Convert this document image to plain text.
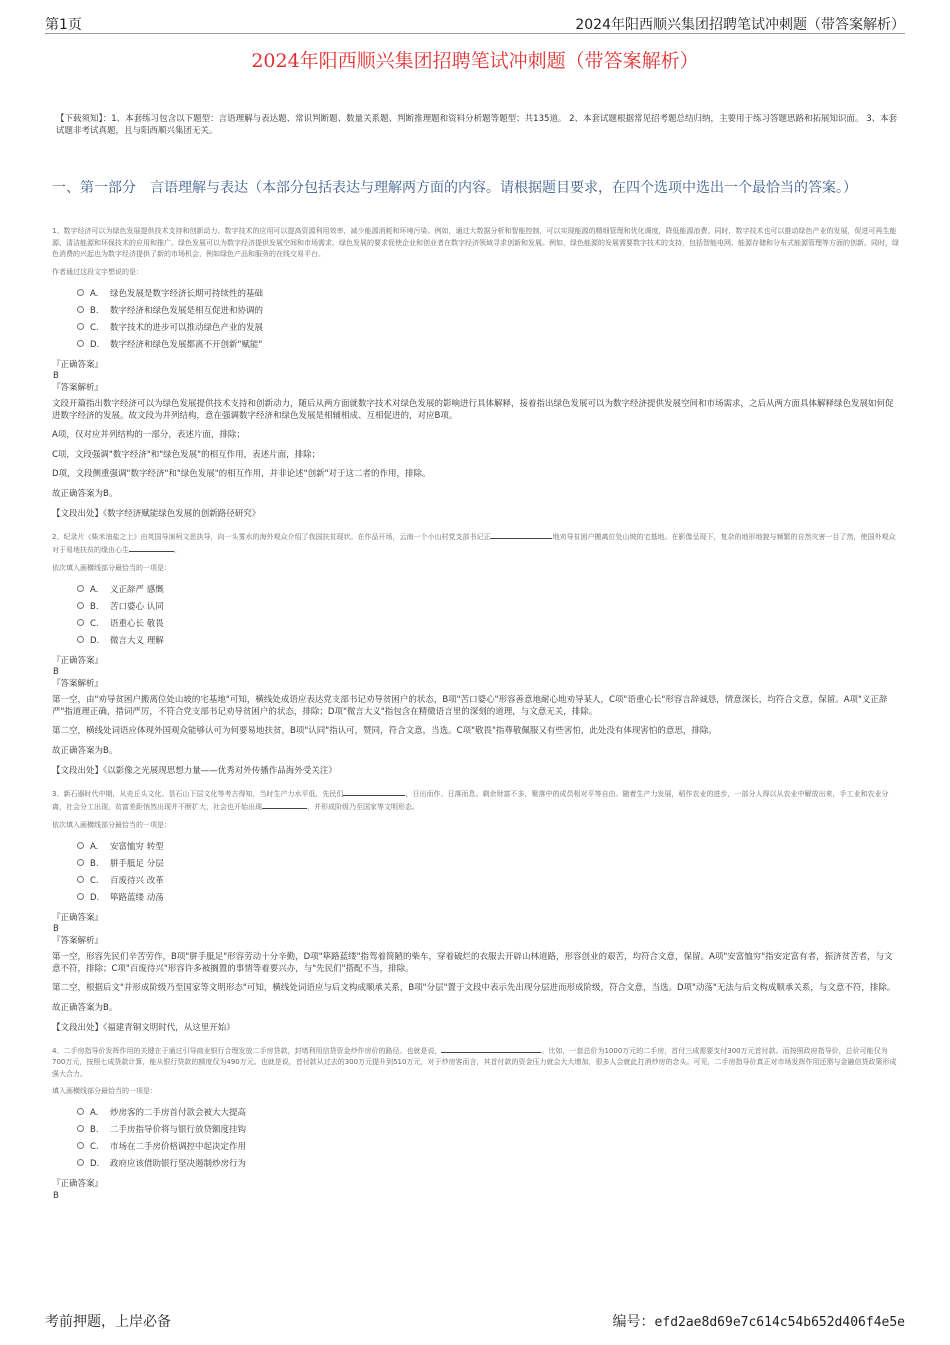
第1页	2024年阳西顺兴集团招聘笔试冲刺题（带答案解析）
2024年阳西顺兴集团招聘笔试冲刺题（带答案解析）
【下载须知】：1、本套练习包含以下题型：言语理解与表达题、常识判断题、数量关系题、判断推理题和资料分析题等题型；共135道。 2、本套试题根据常见招考题总结归纳，主要用于练习答题思路和拓展知识面。 3、本套试题非考试真题，且与阳西顺兴集团无关。
一、第一部分　言语理解与表达（本部分包括表达与理解两方面的内容。请根据题目要求，在四个选项中选出一个最恰当的答案。）
1、数字经济可以为绿色发展提供技术支持和创新动力。数字技术的应用可以提高资源利用效率，减少能源消耗和环境污染。例如，通过大数据分析和智能控制，可以实现能源的精细管理和优化调度，降低能源浪费。同时，数字技术也可以推动绿色产业的发展，促进可再生能源、清洁能源和环保技术的应用和推广。绿色发展可以为数字经济提供发展空间和市场需求。绿色发展的要求促使企业和创业者在数字经济领域寻求创新和发展。例如，绿色能源的发展需要数字技术的支持，包括智能电网、能源存储和分布式能源管理等方面的创新。同时，绿色消费的兴起也为数字经济提供了新的市场机会，例如绿色产品和服务的在线交易平台。
作者通过这段文字想说的是：
A. 绿色发展是数字经济长期可持续性的基础
B. 数字经济和绿色发展是相互促进和协调的
C. 数字技术的进步可以推动绿色产业的发展
D. 数字经济和绿色发展都离不开创新"赋能"
『正确答案』
B
『答案解析』
文段开篇指出数字经济可以为绿色发展提供技术支持和创新动力，随后从两方面就数字技术对绿色发展的影响进行具体解释，接着指出绿色发展可以为数字经济提供发展空间和市场需求，之后从两方面具体解释绿色发展如何促进数字经济的发展。故文段为并列结构，意在强调数字经济和绿色发展是相辅相成、互相促进的，对应B项。
A项，仅对应并列结构的一部分，表述片面，排除；
C项，文段强调"数字经济"和"绿色发展"的相互作用，表述片面，排除；
D项，文段侧重强调"数字经济"和"绿色发展"的相互作用，并非论述"创新"对于这二者的作用，排除。
故正确答案为B。
【文段出处】《数字经济赋能绿色发展的创新路径研究》
2、纪录片《柴米油盐之上》由英国导演柯文思执导，向一头雾水的海外观众介绍了我国扶贫现状。在作品开场，云南一个小山村党支部书记正	地劝导贫困户搬离位处山坡的宅基地。在影像呈现下，复杂的地形地貌与频繁的自然灾害一目了然，使国外观众对于易地扶贫的缘由心生	。
依次填入画横线部分最恰当的一项是：
A. 义正辞严 感慨
B. 苦口婆心 认同
C. 语重心长 敬畏
D. 微言大义 理解
『正确答案』
B
『答案解析』
第一空，由"劝导贫困户搬离位处山坡的宅基地"可知，横线处成语应表达党支部书记劝导贫困户的状态，B项"苦口婆心"形容善意地耐心地劝导某人，C项"语重心长"形容言辞诚恳，情意深长，均符合文意，保留。A项"义正辞严"指道理正确，措词严厉，不符合党支部书记劝导贫困户的状态，排除；D项"微言大义"指包含在精微语言里的深刻的道理，与文意无关，排除。
第二空，横线处词语应体现外国观众能够认可为何要易地扶贫，B项"认同"指认可，赞同，符合文意，当选。C项"敬畏"指尊敬佩服又有些害怕，此处没有体现害怕的意思，排除。
故正确答案为B。
【文段出处】《以影像之光展现思想力量——优秀对外传播作品海外受关注》
3、新石器时代中期，从壳丘头文化、昙石山下层文化等考古得知，当时生产力水平低，先民们	，日出而作、日落而息。剩余财富不多，聚落中的成员相对平等自由。随着生产力发展，稻作农业的进步，一部分人得以从农业中解放出来，手工业和农业分离，社会分工出现，贫富差距悄然出现并不断扩大，社会也开始出现	，并形成阶级乃至国家等文明形态。
依次填入画横线部分最恰当的一项是：
A. 安富恤穷 转型
B. 胼手胝足 分层
C. 百废待兴 改革
D. 筚路蓝缕 动荡
『正确答案』
B
『答案解析』
第一空，形容先民们辛苦劳作，B项"胼手胝足"形容劳动十分辛勤，D项"筚路蓝缕"指驾着简陋的柴车，穿着破烂的衣服去开辟山林道路，形容创业的艰苦，均符合文意，保留。A项"安富恤穷"指安定富有者，振济贫苦者，与文意不符，排除；C项"百废待兴"形容许多被搁置的事情等着要兴办，与"先民们"搭配不当，排除。
第二空，根据后文"并形成阶级乃至国家等文明形态"可知，横线处词语应与后文构成顺承关系，B项"分层"置于文段中表示先出现分层进而形成阶级，符合文意，当选。D项"动荡"无法与后文构成顺承关系，与文意不符，排除。
故正确答案为B。
【文段出处】《福建青铜文明时代，从这里开始》
4、二手房指导价发挥作用的关键在于通过引导商业银行合理发放二手房贷款，封堵利用信贷资金炒作房价的路径。也就是说，	。比如，一套总价为1000万元的二手房，首付三成需要支付300万元首付款。而按照政府指导价，总价可能仅为700万元，按照七成贷款计算，能从银行贷款的额度仅为490万元。也就是说，首付款从过去的300万元提升到510万元，对于炒房客而言，其首付款的资金压力就会大大增加，很多人会就此打消炒房的念头。可见，二手房指导价真正对市场发挥作用还需与金融信贷政策形成强大合力。
填入画横线部分最恰当的一项是：
A. 炒房客的二手房首付款会被大大提高
B. 二手房指导价将与银行放贷额度挂钩
C. 市场在二手房价格调控中起决定作用
D. 政府应该借助银行坚决遏制炒房行为
『正确答案』
B
考前押题，上岸必备	编号：efd2ae8d69e7c614c54b652d406f4e5e
